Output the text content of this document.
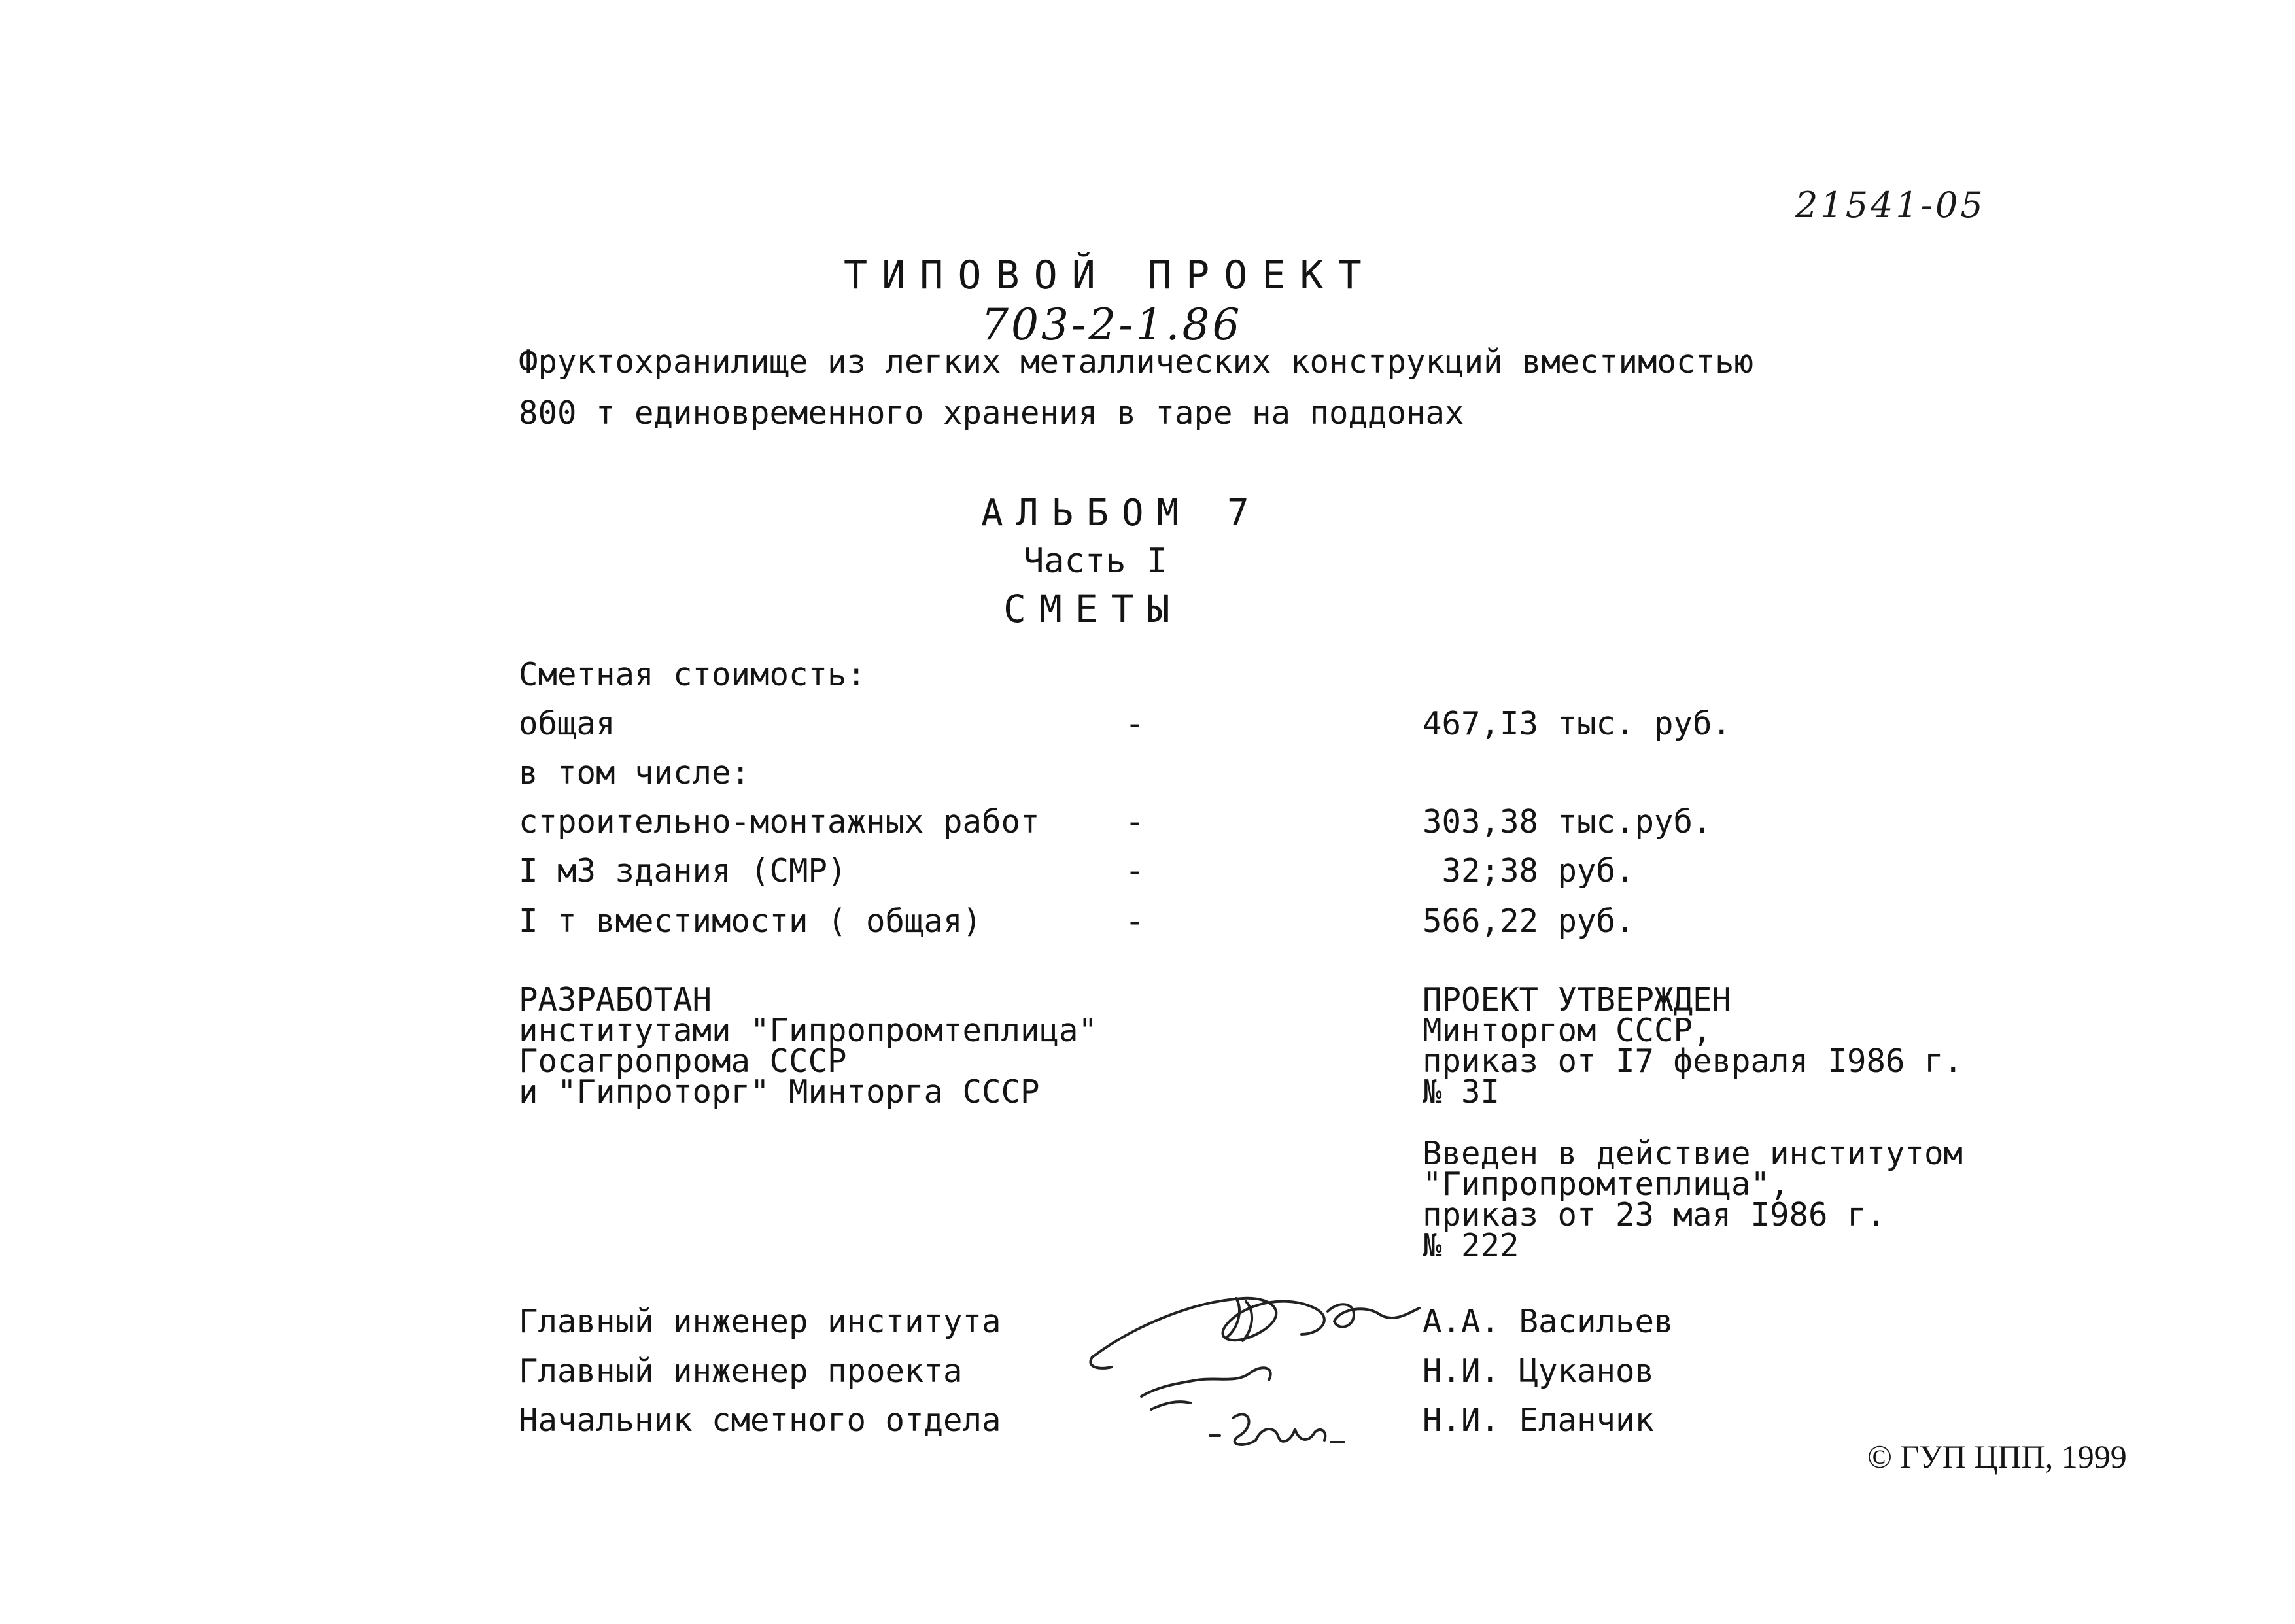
21541-05
ТИПОВОЙ ПРОЕКТ
703-2-1.86
Фруктохранилище из легких металлических конструкций вместимостью
800 т единовременного хранения в таре на поддонах
АЛЬБОМ 7
Часть I
СМЕТЫ
Сметная стоимость:
общая	-	467,I3 тыс. руб.
в том числе:
строительно-монтажных работ	-	303,38 тыс.руб.
I м3 здания (СМР)	-	32;38 руб.
I т вместимости ( общая)	-	566,22 руб.
РАЗРАБОТАН
институтами "Гипропромтеплица"
Госагропрома СССР
и "Гипроторг" Минторга СССР
ПРОЕКТ УТВЕРЖДЕН
Минторгом СССР,
приказ от I7 февраля I986 г.
№ 3I
Введен в действие институтом
"Гипропромтеплица",
приказ от 23 мая I986 г.
№ 222
Главный инженер института	А.А. Васильев
Главный инженер проекта	Н.И. Цуканов
Начальник сметного отдела	Н.И. Еланчик
© ГУП ЦПП, 1999
